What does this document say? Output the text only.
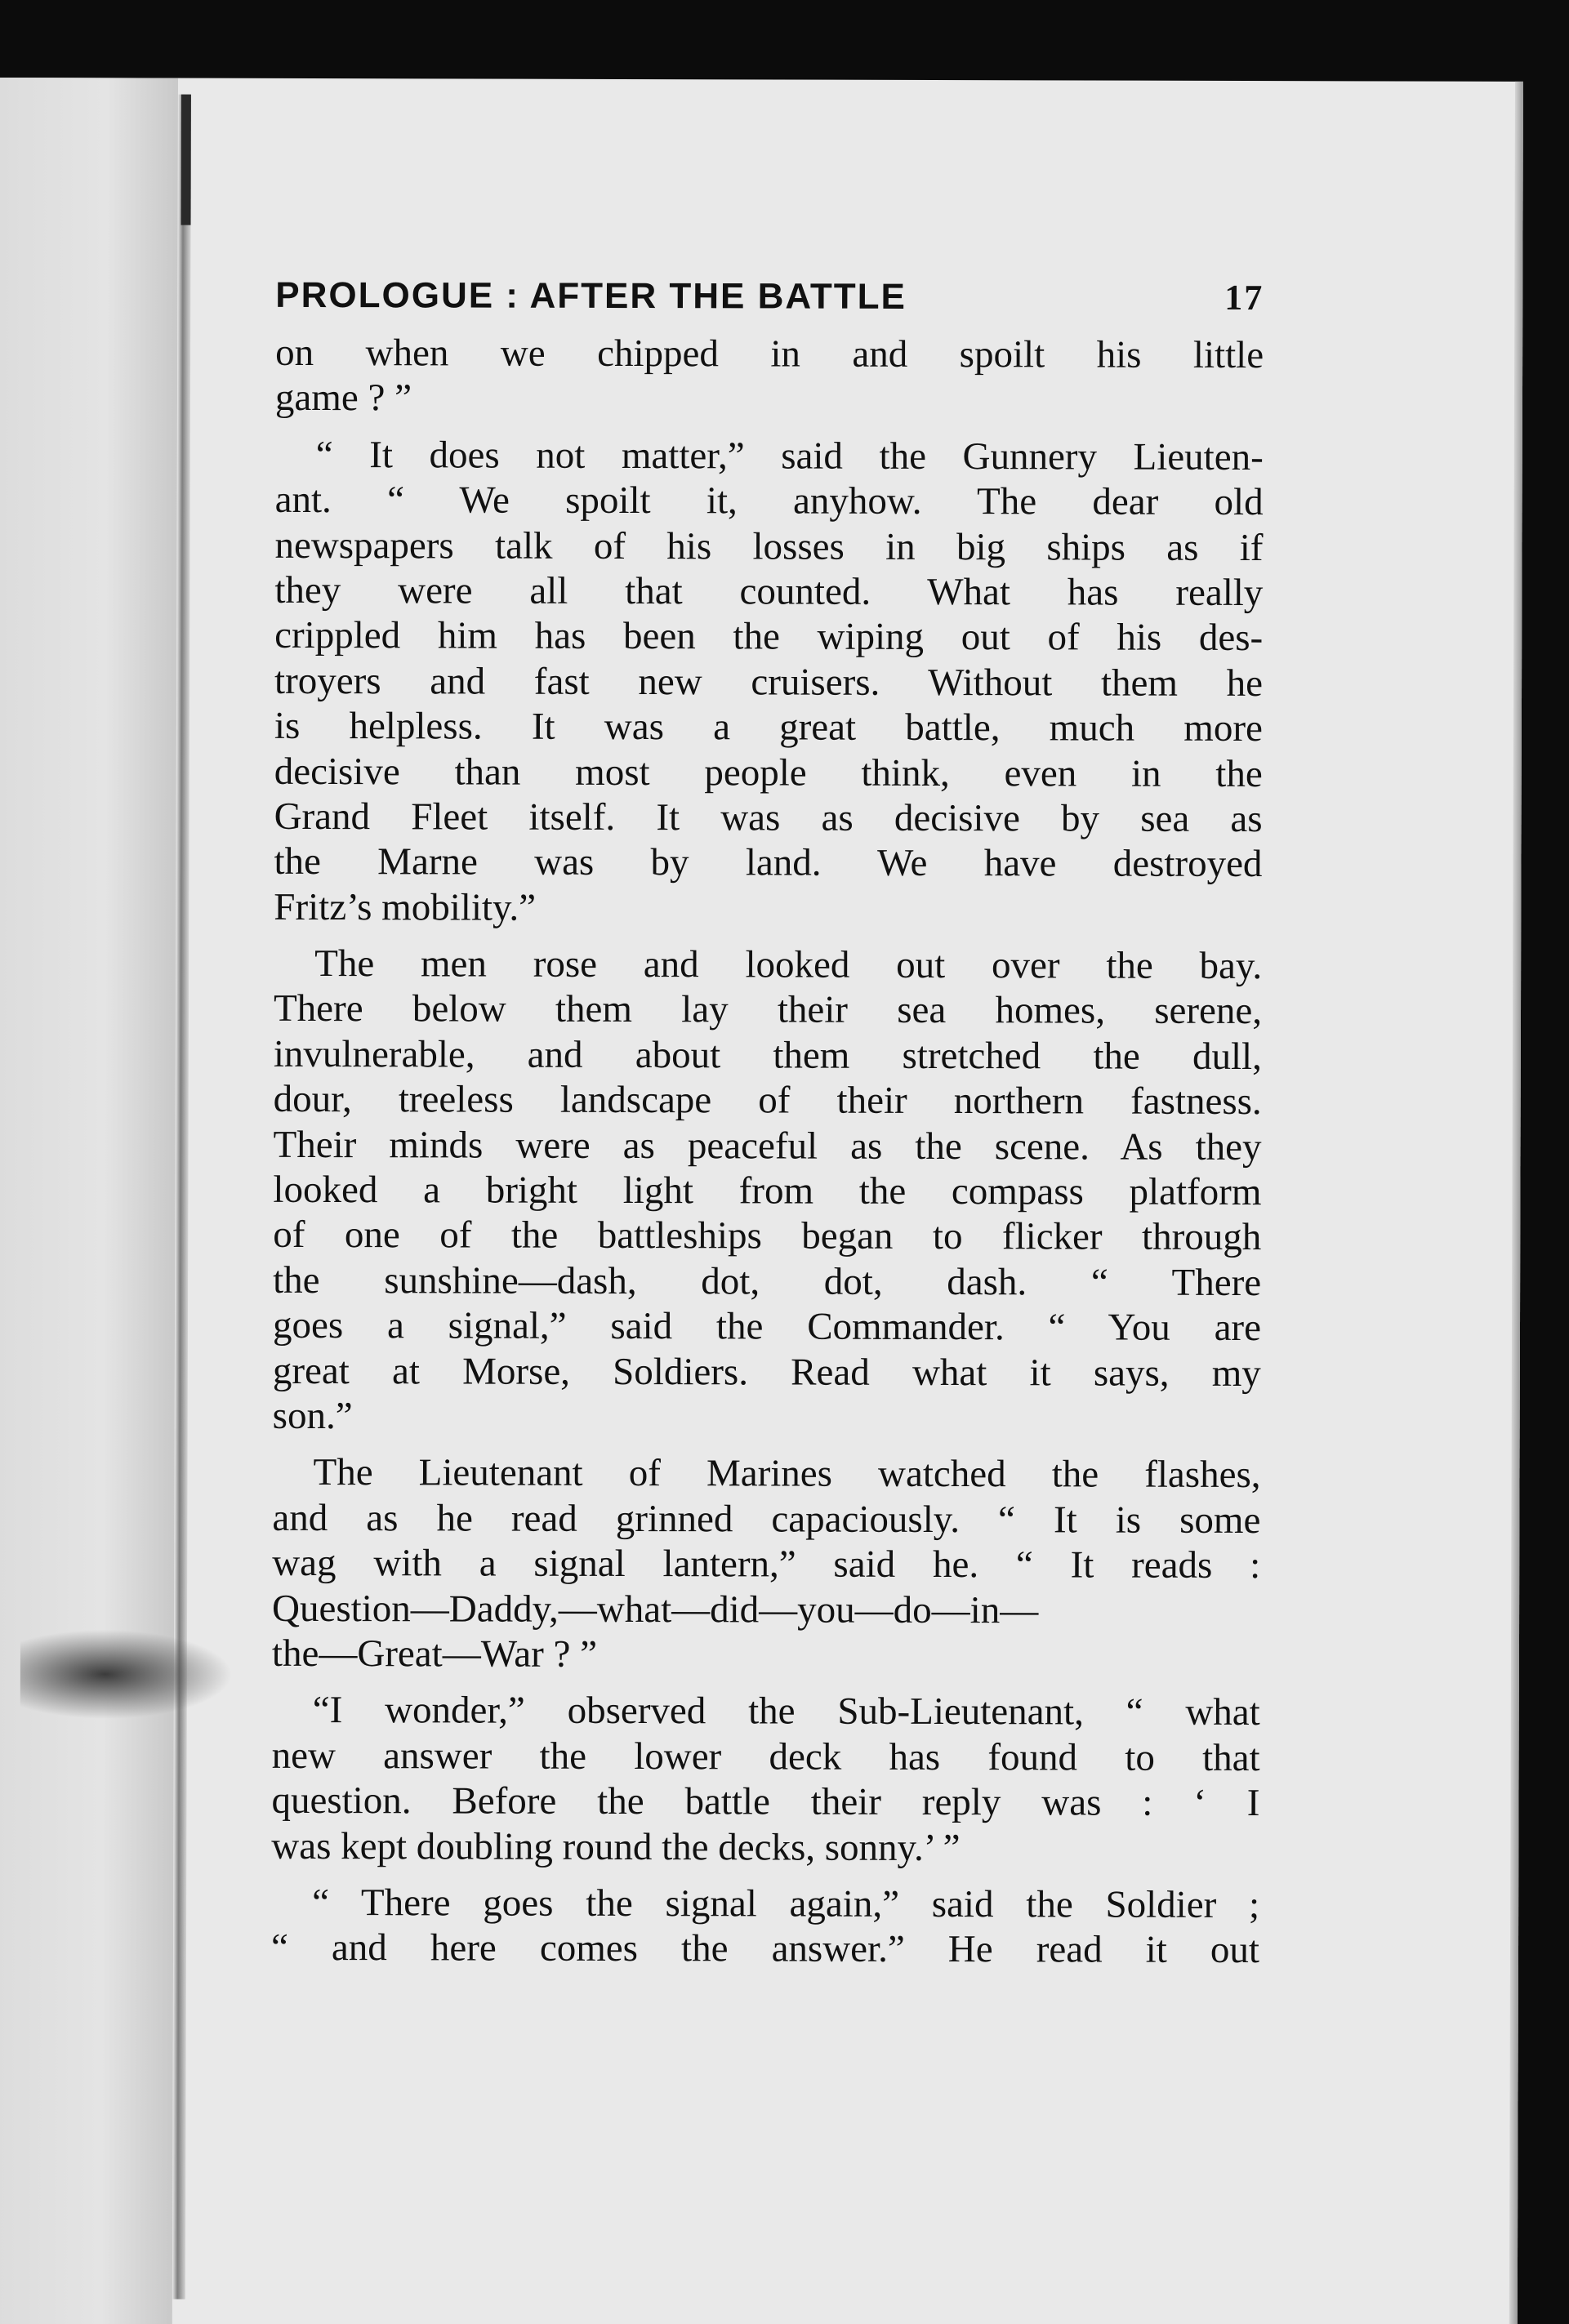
PROLOGUE : AFTER THE BATTLE	17
on when we chipped in and spoilt his little
game ? ”
“ It does not matter,” said the Gunnery Lieuten-
ant. “ We spoilt it, anyhow. The dear old
newspapers talk of his losses in big ships as if
they were all that counted. What has really
crippled him has been the wiping out of his des-
troyers and fast new cruisers. Without them he
is helpless. It was a great battle, much more
decisive than most people think, even in the
Grand Fleet itself. It was as decisive by sea as
the Marne was by land. We have destroyed
Fritz’s mobility.”
The men rose and looked out over the bay.
There below them lay their sea homes, serene,
invulnerable, and about them stretched the dull,
dour, treeless landscape of their northern fastness.
Their minds were as peaceful as the scene. As they
looked a bright light from the compass platform
of one of the battleships began to flicker through
the sunshine—dash, dot, dot, dash. “ There
goes a signal,” said the Commander. “ You are
great at Morse, Soldiers. Read what it says, my
son.”
The Lieutenant of Marines watched the flashes,
and as he read grinned capaciously. “ It is some
wag with a signal lantern,” said he. “ It reads :
Question—Daddy,—what—did—you—do—in—
the—Great—War ? ”
“I wonder,” observed the Sub-Lieutenant, “ what
new answer the lower deck has found to that
question. Before the battle their reply was : ‘ I
was kept doubling round the decks, sonny.’ ”
“ There goes the signal again,” said the Soldier ;
“ and here comes the answer.” He read it out
